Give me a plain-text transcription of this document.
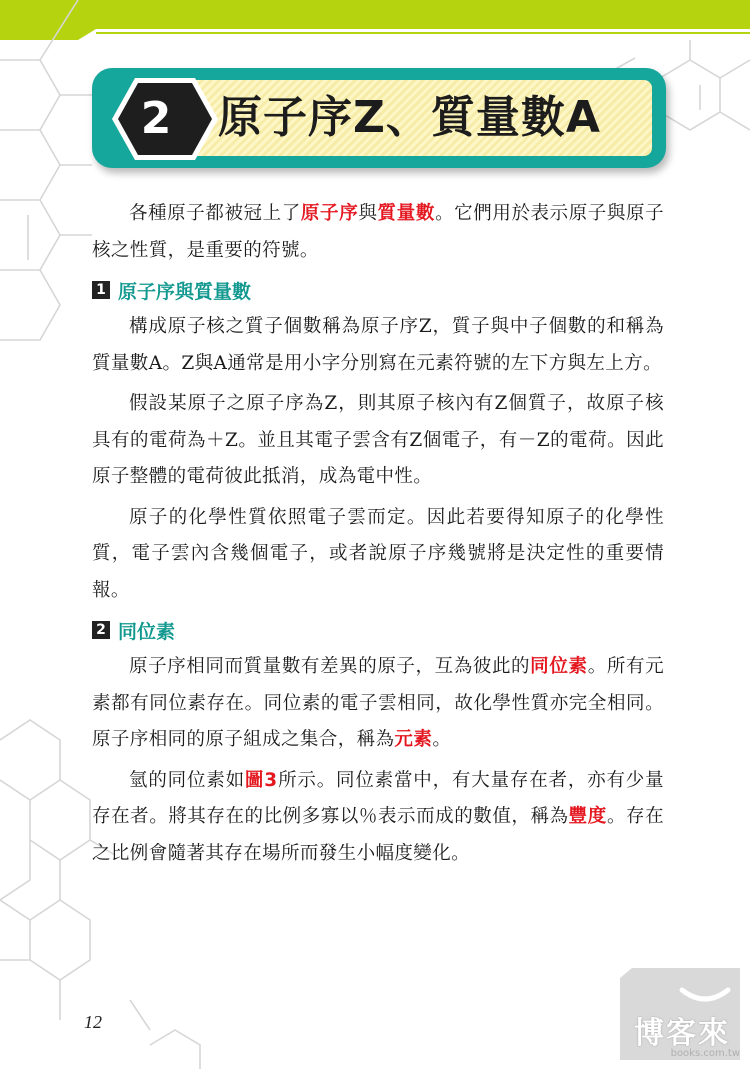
2	原子序Z、質量數A

各種原子都被冠上了原子序與質量數。它們用於表示原子與原子核之性質，是重要的符號。

1 原子序與質量數

構成原子核之質子個數稱為原子序Z，質子與中子個數的和稱為質量數A。Z與A通常是用小字分別寫在元素符號的左下方與左上方。

假設某原子之原子序為Z，則其原子核內有Z個質子，故原子核具有的電荷為＋Z。並且其電子雲含有Z個電子，有－Z的電荷。因此原子整體的電荷彼此抵消，成為電中性。

原子的化學性質依照電子雲而定。因此若要得知原子的化學性質，電子雲內含幾個電子，或者說原子序幾號將是決定性的重要情報。

2 同位素

原子序相同而質量數有差異的原子，互為彼此的同位素。所有元素都有同位素存在。同位素的電子雲相同，故化學性質亦完全相同。原子序相同的原子組成之集合，稱為元素。

氫的同位素如圖3所示。同位素當中，有大量存在者，亦有少量存在者。將其存在的比例多寡以％表示而成的數值，稱為豐度。存在之比例會隨著其存在場所而發生小幅度變化。

12	博客來
books.com.tw
